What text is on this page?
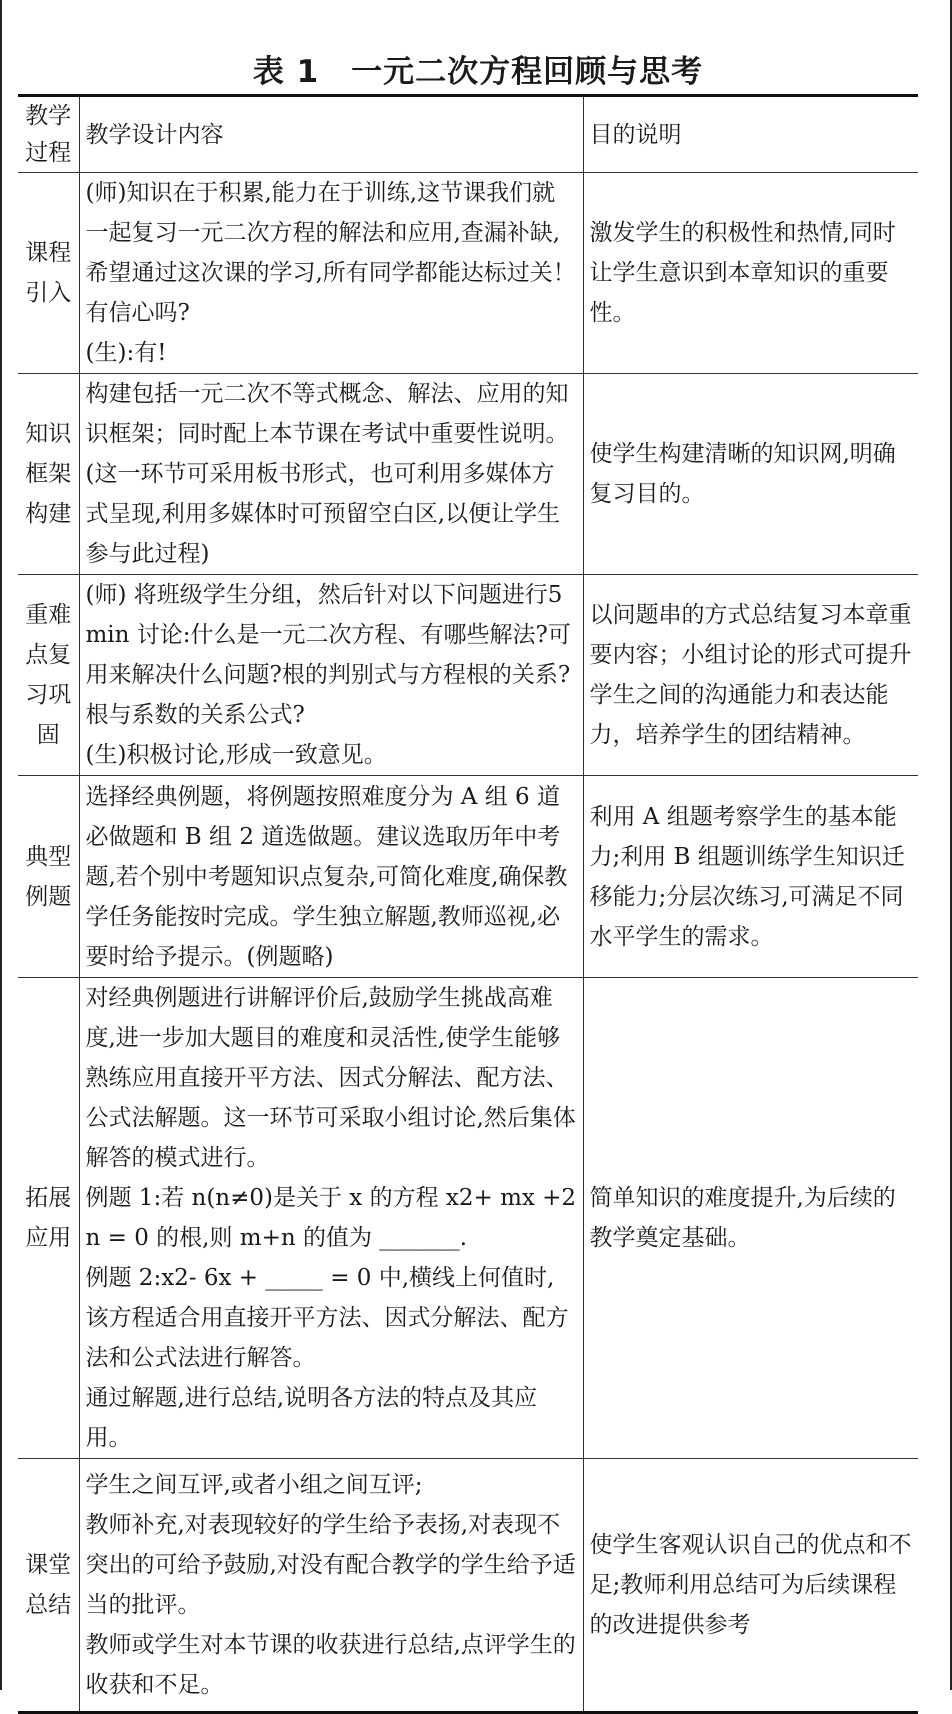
表 1　一元二次方程回顾与思考
教学
过程	教学设计内容	目的说明

课程
引入	(师)知识在于积累,能力在于训练,这节课我们就一起复习一元二次方程的解法和应用,查漏补缺,希望通过这次课的学习,所有同学都能达标过关！ 有信心吗?
(生):有!	激发学生的积极性和热情,同时让学生意识到本章知识的重要性。

知识
框架
构建	构建包括一元二次不等式概念、解法、应用的知识框架；同时配上本节课在考试中重要性说明。(这一环节可采用板书形式，也可利用多媒体方式呈现,利用多媒体时可预留空白区,以便让学生参与此过程)	使学生构建清晰的知识网,明确复习目的。

重难
点复
习巩
固	(师) 将班级学生分组，然后针对以下问题进行5min 讨论:什么是一元二次方程、有哪些解法?可用来解决什么问题?根的判别式与方程根的关系? 根与系数的关系公式?
(生)积极讨论,形成一致意见。	以问题串的方式总结复习本章重要内容；小组讨论的形式可提升学生之间的沟通能力和表达能力，培养学生的团结精神。

典型
例题	选择经典例题，将例题按照难度分为 A 组 6 道必做题和 B 组 2 道选做题。建议选取历年中考题,若个别中考题知识点复杂,可简化难度,确保教学任务能按时完成。学生独立解题,教师巡视,必要时给予提示。(例题略)	利用 A 组题考察学生的基本能力;利用 B 组题训练学生知识迁移能力;分层次练习,可满足不同水平学生的需求。

拓展
应用	对经典例题进行讲解评价后,鼓励学生挑战高难度,进一步加大题目的难度和灵活性,使学生能够熟练应用直接开平方法、因式分解法、配方法、公式法解题。这一环节可采取小组讨论,然后集体解答的模式进行。
例题 1:若 n(n≠0)是关于 x 的方程 x2+ mx +2n = 0 的根,则 m+n 的值为 _______.
例题 2:x2- 6x + _____ = 0 中,横线上何值时,该方程适合用直接开平方法、因式分解法、配方法和公式法进行解答。
通过解题,进行总结,说明各方法的特点及其应用。	简单知识的难度提升,为后续的教学奠定基础。

课堂
总结	学生之间互评,或者小组之间互评;
教师补充,对表现较好的学生给予表扬,对表现不突出的可给予鼓励,对没有配合教学的学生给予适当的批评。
教师或学生对本节课的收获进行总结,点评学生的收获和不足。	使学生客观认识自己的优点和不足;教师利用总结可为后续课程的改进提供参考
